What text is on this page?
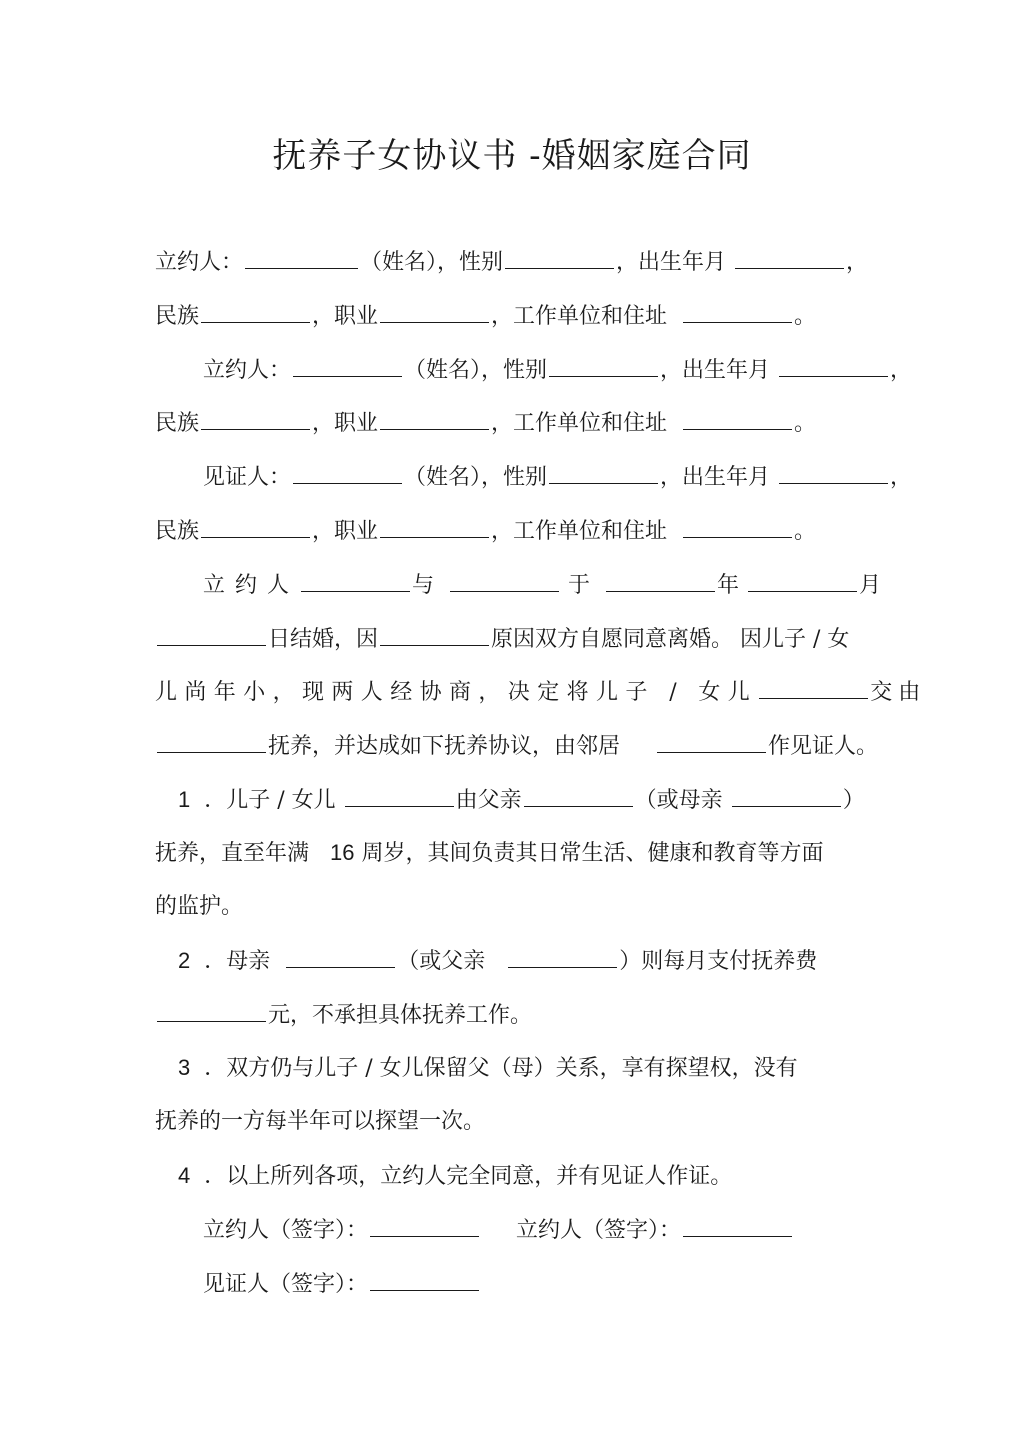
抚养子女协议书 -婚姻家庭合同
立约人：	（姓名），性别	，出生年月	，
民族	，职业	，工作单位和住址	。
立约人：	（姓名），性别	，出生年月	，
民族	，职业	，工作单位和住址	。
见证人：	（姓名），性别	，出生年月	，
民族	，职业	，工作单位和住址	。
立约人	与	于	年	月
日结婚，因	原因双方自愿同意离婚。 因儿子 / 女
儿尚年小，现两人经协商，决定将儿子 / 女儿	交由
抚养，并达成如下抚养协议，由邻居	作见证人。
1 ．儿子 / 女儿	由父亲	（或母亲	）
抚养，直至年满 16 周岁，其间负责其日常生活、健康和教育等方面
的监护。
2 ．母亲	（或父亲	）则每月支付抚养费
元，不承担具体抚养工作。
3 ．双方仍与儿子 / 女儿保留父（母）关系，享有探望权，没有
抚养的一方每半年可以探望一次。
4 ．以上所列各项，立约人完全同意，并有见证人作证。
立约人（签字）：	立约人（签字）：
见证人（签字）：
